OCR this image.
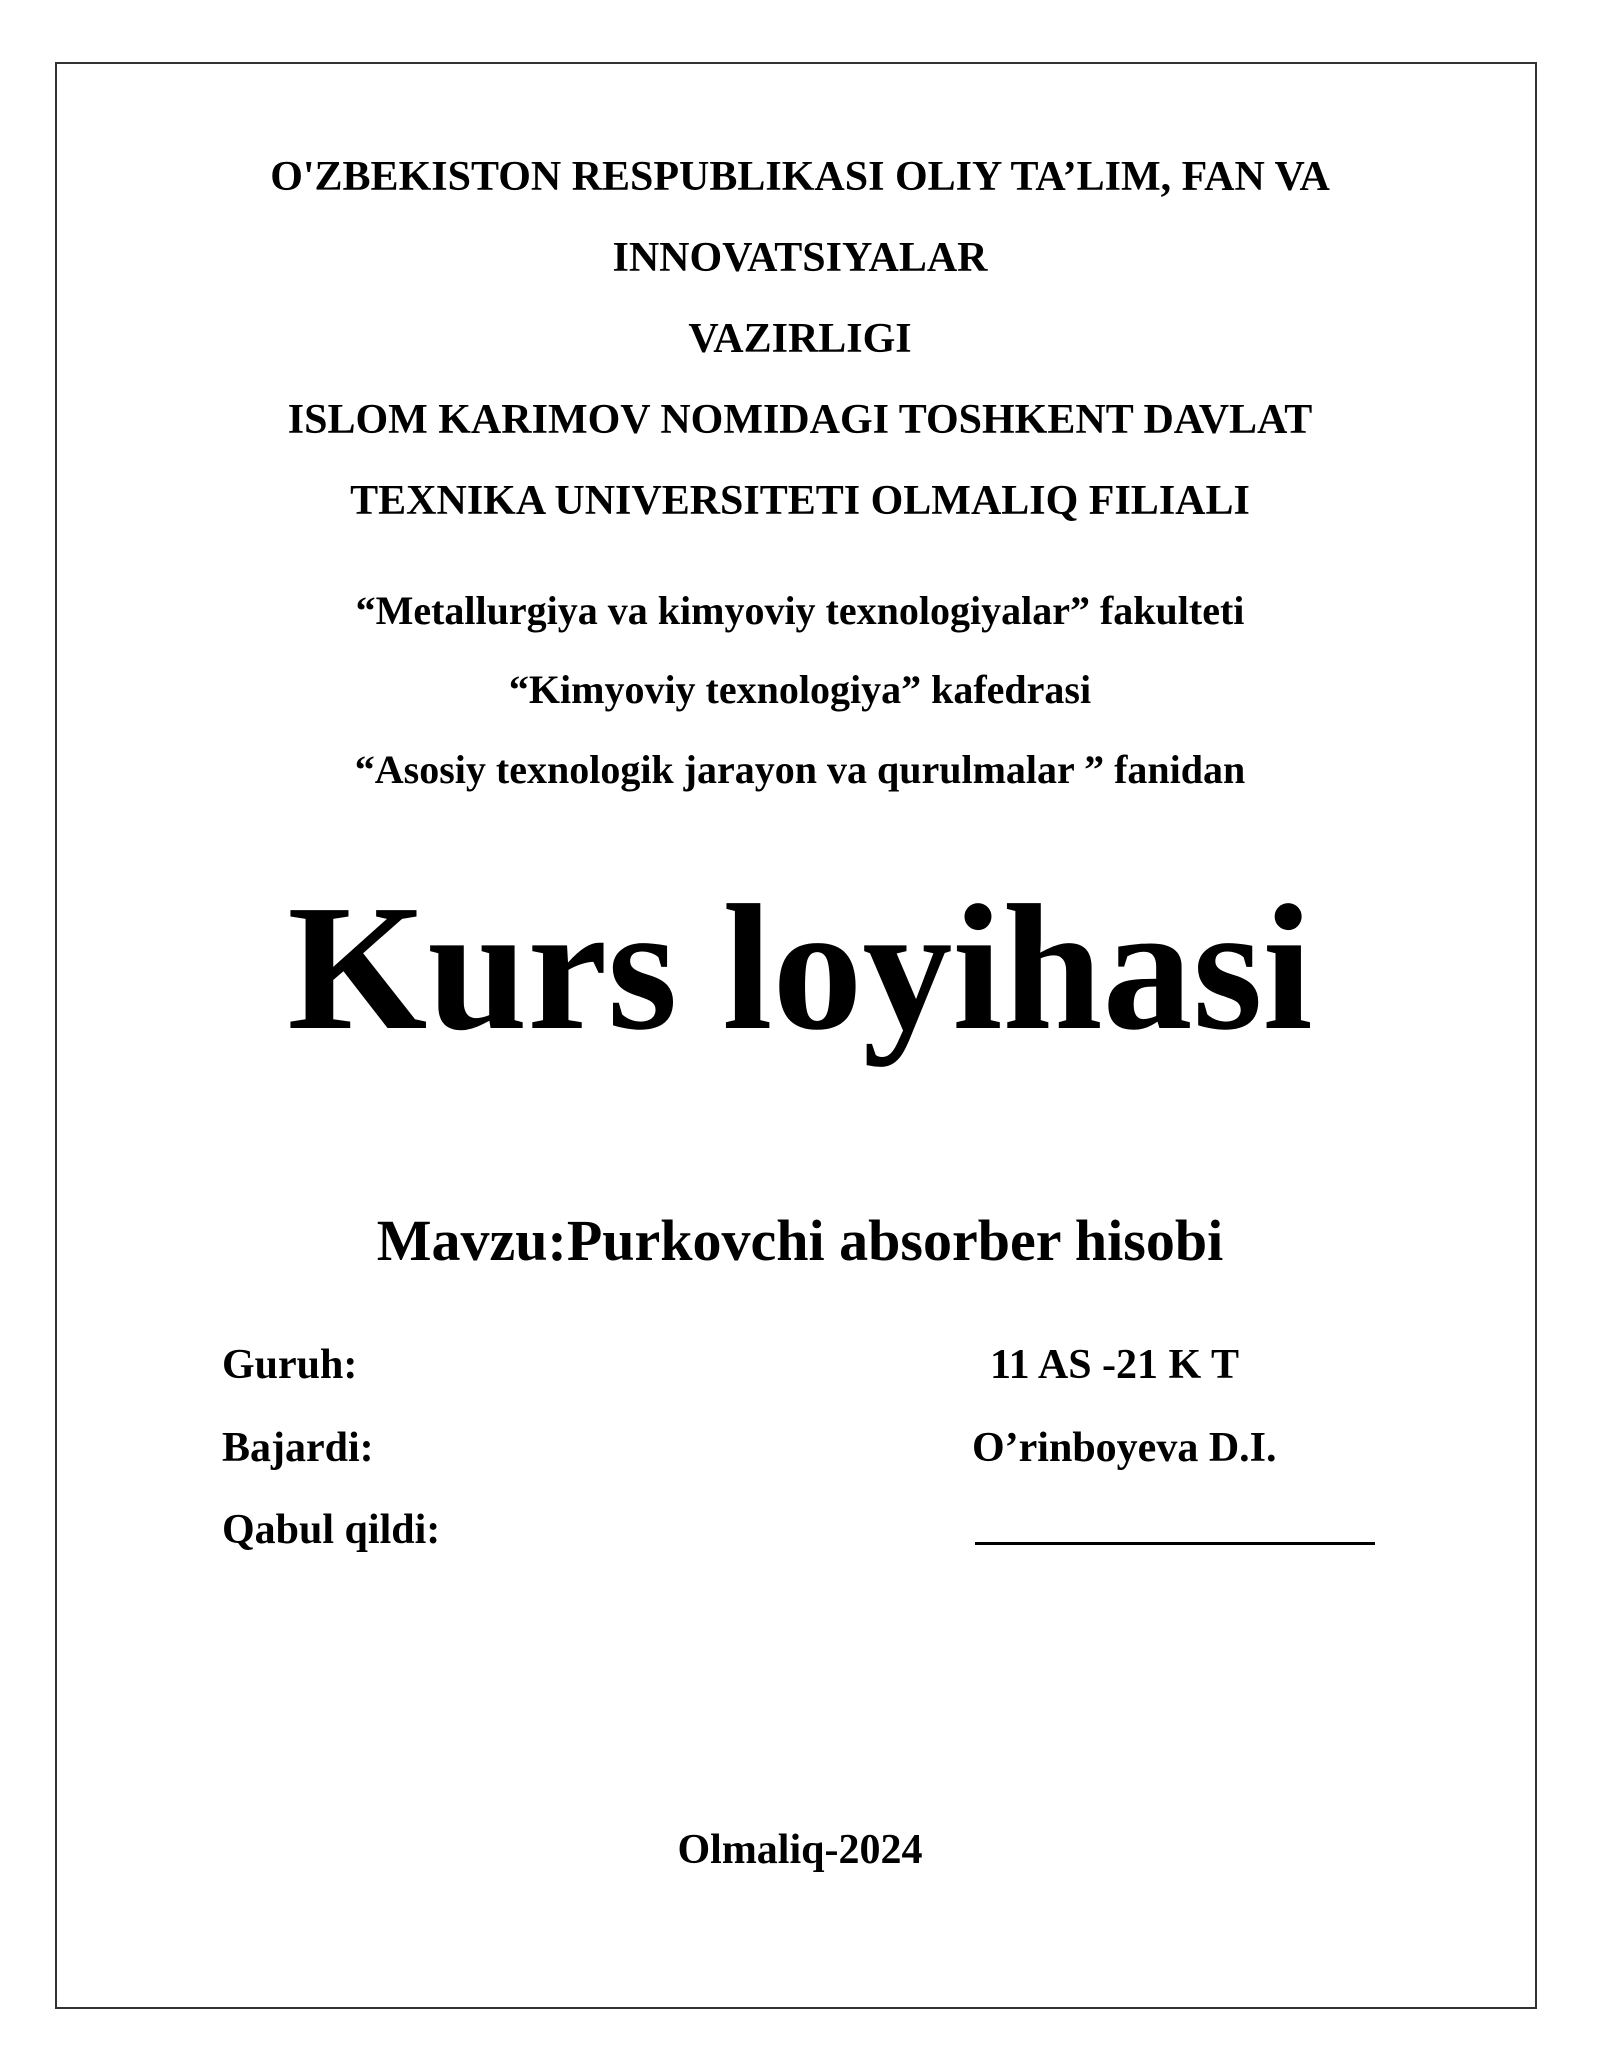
O'ZBEKISTON RESPUBLIKASI OLIY TA’LIM, FAN VA
INNOVATSIYALAR
VAZIRLIGI
ISLOM KARIMOV NOMIDAGI TOSHKENT DAVLAT
TEXNIKA UNIVERSITETI OLMALIQ FILIALI
“Metallurgiya va kimyoviy texnologiyalar” fakulteti
“Kimyoviy texnologiya” kafedrasi
“Asosiy texnologik jarayon va qurulmalar ” fanidan
Kurs loyihasi
Mavzu:Purkovchi absorber hisobi
Guruh:	11 AS -21 K T
Bajardi:	O’rinboyeva D.I.
Qabul qildi:
Olmaliq-2024
